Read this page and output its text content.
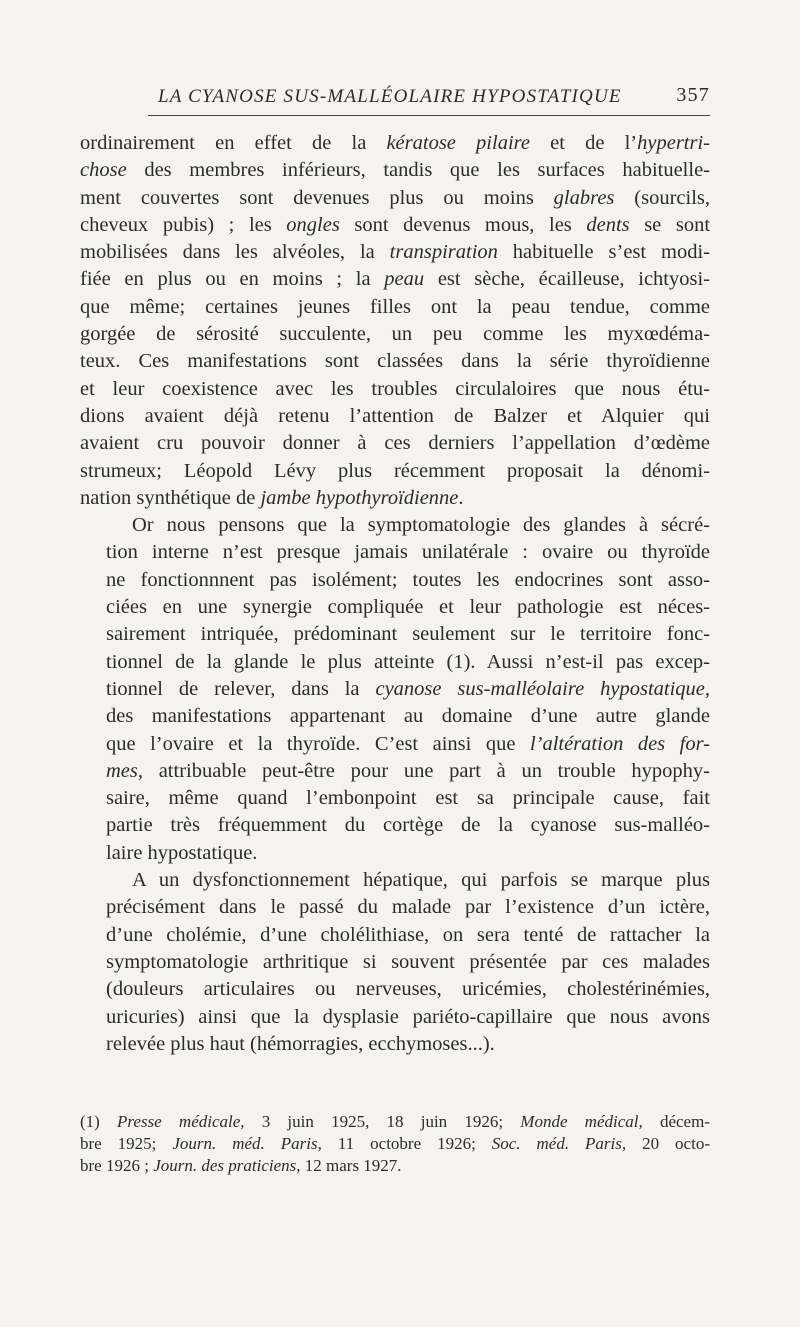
LA CYANOSE SUS-MALLÉOLAIRE HYPOSTATIQUE	357
ordinairement en effet de la kératose pilaire et de l’hypertri-
chose des membres inférieurs, tandis que les surfaces habituelle-
ment couvertes sont devenues plus ou moins glabres (sourcils,
cheveux pubis) ; les ongles sont devenus mous, les dents se sont
mobilisées dans les alvéoles, la transpiration habituelle s’est modi-
fiée en plus ou en moins ; la peau est sèche, écailleuse, ichtyosi-
que même; certaines jeunes filles ont la peau tendue, comme
gorgée de sérosité succulente, un peu comme les myxœdéma-
teux. Ces manifestations sont classées dans la série thyroïdienne
et leur coexistence avec les troubles circulaloires que nous étu-
dions avaient déjà retenu l’attention de Balzer et Alquier qui
avaient cru pouvoir donner à ces derniers l’appellation d’œdème
strumeux; Léopold Lévy plus récemment proposait la dénomi-
nation synthétique de jambe hypothyroïdienne.
Or nous pensons que la symptomatologie des glandes à sécré-
tion interne n’est presque jamais unilatérale : ovaire ou thyroïde
ne fonctionnnent pas isolément; toutes les endocrines sont asso-
ciées en une synergie compliquée et leur pathologie est néces-
sairement intriquée, prédominant seulement sur le territoire fonc-
tionnel de la glande le plus atteinte (1). Aussi n’est-il pas excep-
tionnel de relever, dans la cyanose sus-malléolaire hypostatique,
des manifestations appartenant au domaine d’une autre glande
que l’ovaire et la thyroïde. C’est ainsi que l’altération des for-
mes, attribuable peut-être pour une part à un trouble hypophy-
saire, même quand l’embonpoint est sa principale cause, fait
partie très fréquemment du cortège de la cyanose sus-malléo-
laire hypostatique.
A un dysfonctionnement hépatique, qui parfois se marque plus
précisément dans le passé du malade par l’existence d’un ictère,
d’une cholémie, d’une cholélithiase, on sera tenté de rattacher la
symptomatologie arthritique si souvent présentée par ces malades
(douleurs articulaires ou nerveuses, uricémies, cholestérinémies,
uricuries) ainsi que la dysplasie pariéto-capillaire que nous avons
relevée plus haut (hémorragies, ecchymoses...).
(1) Presse médicale, 3 juin 1925, 18 juin 1926; Monde médical, décem-
bre 1925; Journ. méd. Paris, 11 octobre 1926; Soc. méd. Paris, 20 octo-
bre 1926 ; Journ. des praticiens, 12 mars 1927.
